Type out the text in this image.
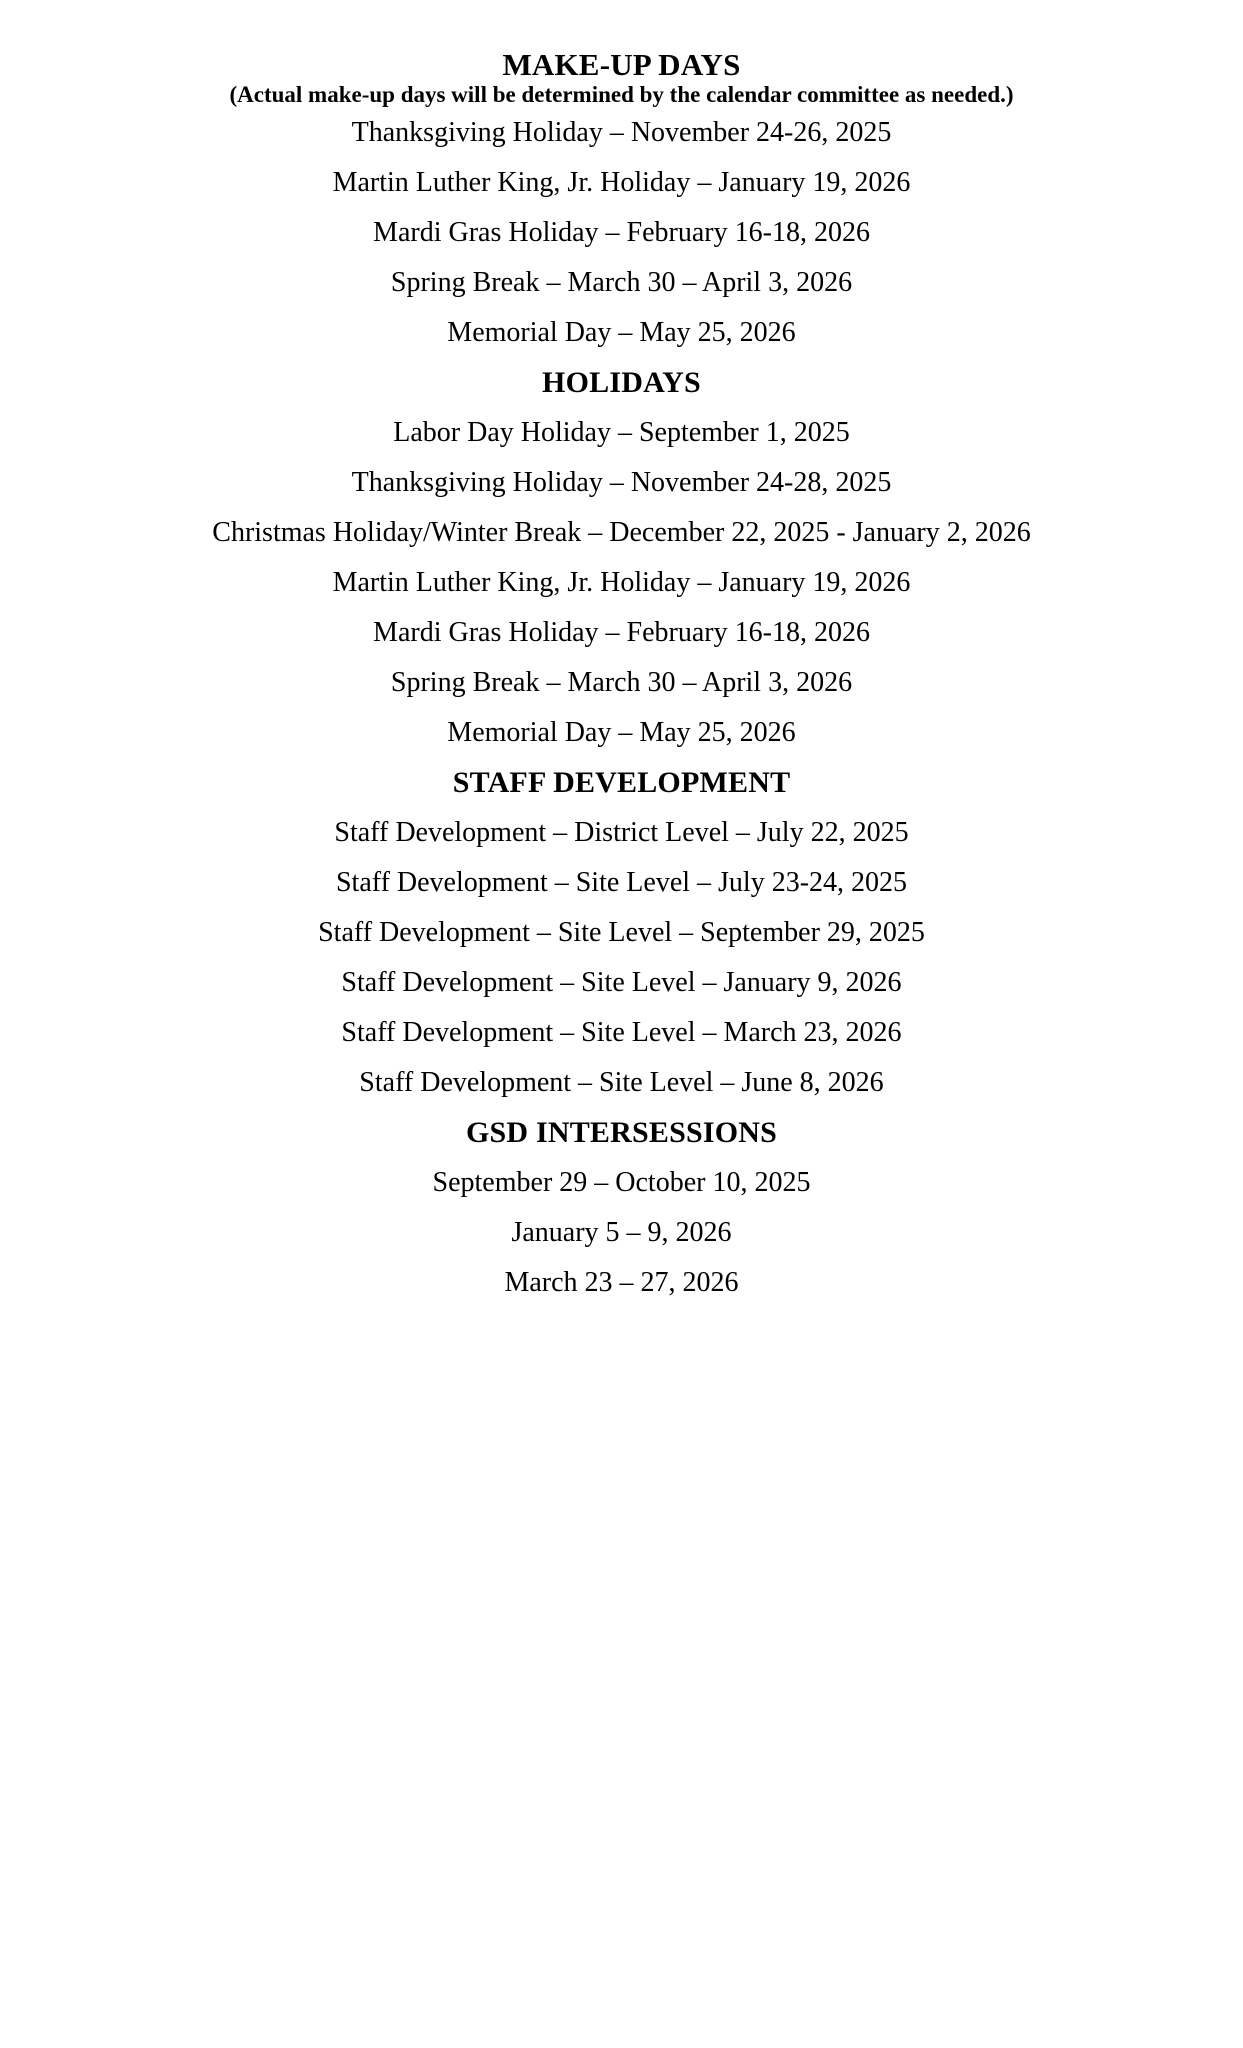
MAKE-UP DAYS

(Actual make-up days will be determined by the calendar committee as needed.)

Thanksgiving Holiday – November 24-26, 2025

Martin Luther King, Jr. Holiday – January 19, 2026

Mardi Gras Holiday – February 16-18, 2026

Spring Break – March 30 – April 3, 2026

Memorial Day – May 25, 2026

HOLIDAYS

Labor Day Holiday – September 1, 2025

Thanksgiving Holiday – November 24-28, 2025

Christmas Holiday/Winter Break – December 22, 2025 - January 2, 2026

Martin Luther King, Jr. Holiday – January 19, 2026

Mardi Gras Holiday – February 16-18, 2026

Spring Break – March 30 – April 3, 2026

Memorial Day – May 25, 2026

STAFF DEVELOPMENT

Staff Development – District Level – July 22, 2025

Staff Development – Site Level – July 23-24, 2025

Staff Development – Site Level – September 29, 2025

Staff Development – Site Level – January 9, 2026

Staff Development – Site Level – March 23, 2026

Staff Development – Site Level – June 8, 2026

GSD INTERSESSIONS

September 29 – October 10, 2025

January 5 – 9, 2026

March 23 – 27, 2026
